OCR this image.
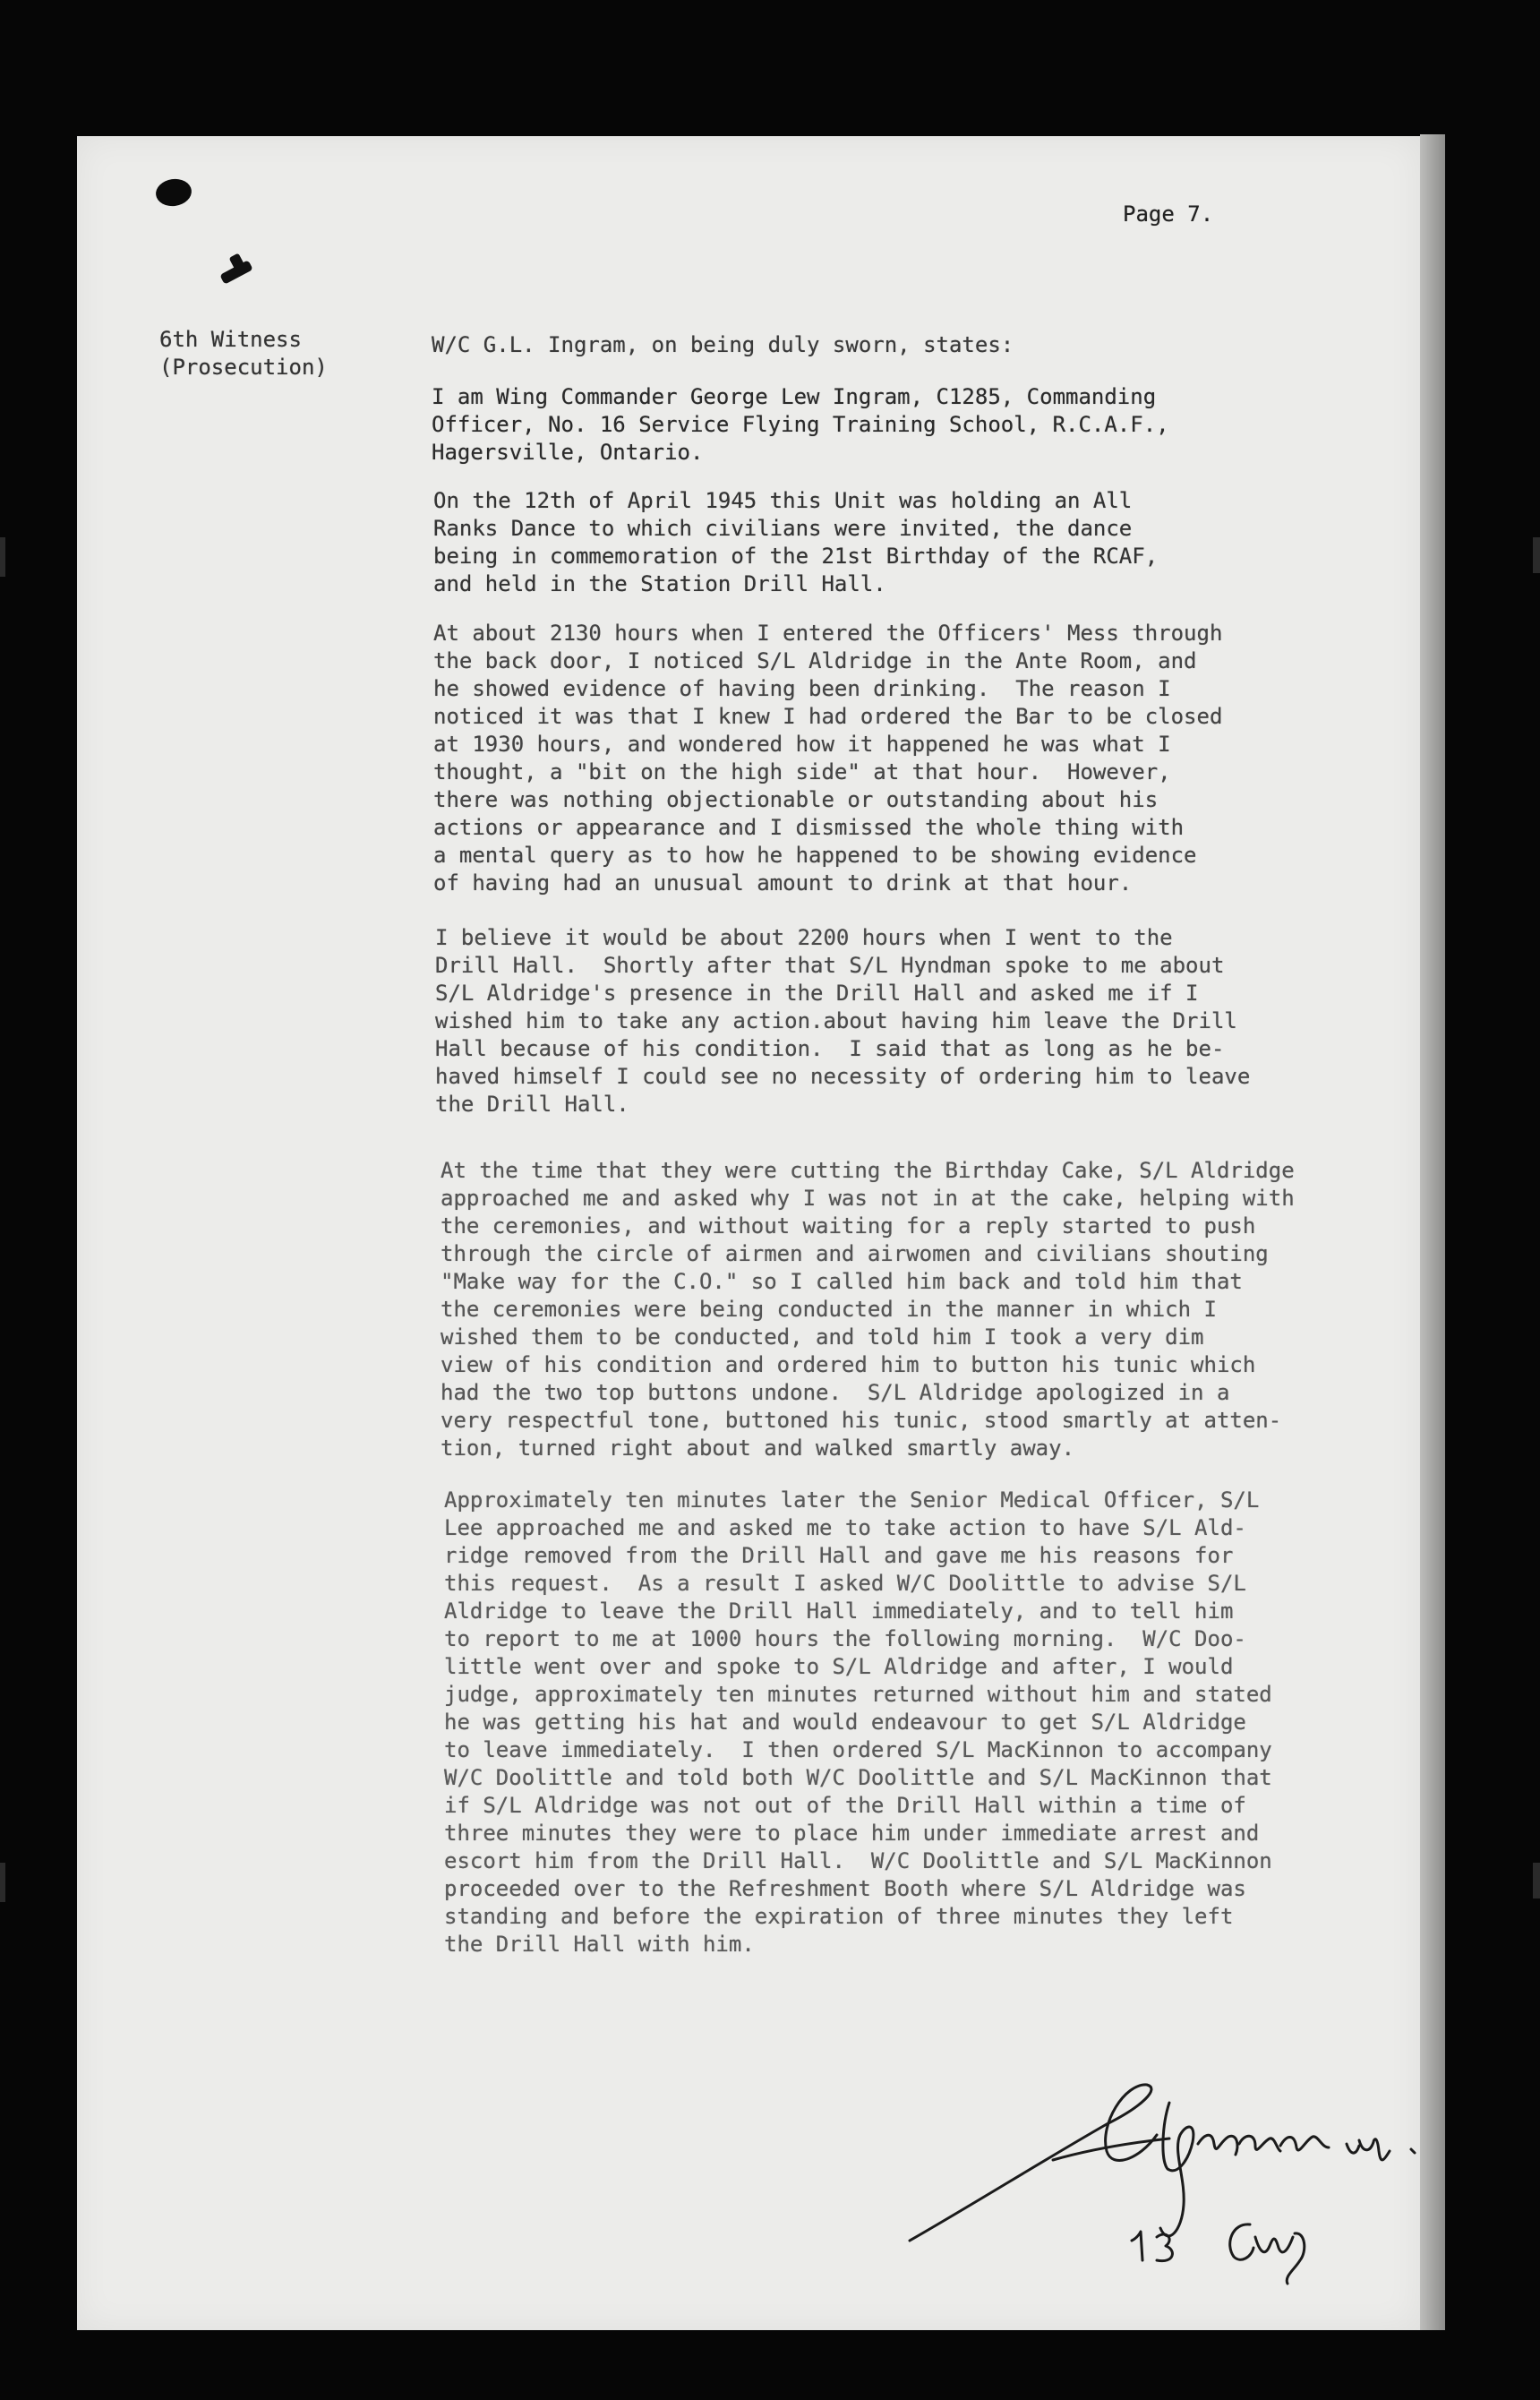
Page 7.
6th Witness
(Prosecution)
W/C G.L. Ingram, on being duly sworn, states:
I am Wing Commander George Lew Ingram, C1285, Commanding
Officer, No. 16 Service Flying Training School, R.C.A.F.,
Hagersville, Ontario.
On the 12th of April 1945 this Unit was holding an All
Ranks Dance to which civilians were invited, the dance
being in commemoration of the 21st Birthday of the RCAF,
and held in the Station Drill Hall.
At about 2130 hours when I entered the Officers' Mess through
the back door, I noticed S/L Aldridge in the Ante Room, and
he showed evidence of having been drinking.  The reason I
noticed it was that I knew I had ordered the Bar to be closed
at 1930 hours, and wondered how it happened he was what I
thought, a "bit on the high side" at that hour.  However,
there was nothing objectionable or outstanding about his
actions or appearance and I dismissed the whole thing with
a mental query as to how he happened to be showing evidence
of having had an unusual amount to drink at that hour.
I believe it would be about 2200 hours when I went to the
Drill Hall.  Shortly after that S/L Hyndman spoke to me about
S/L Aldridge's presence in the Drill Hall and asked me if I
wished him to take any action.about having him leave the Drill
Hall because of his condition.  I said that as long as he be-
haved himself I could see no necessity of ordering him to leave
the Drill Hall.
At the time that they were cutting the Birthday Cake, S/L Aldridge
approached me and asked why I was not in at the cake, helping with
the ceremonies, and without waiting for a reply started to push
through the circle of airmen and airwomen and civilians shouting
"Make way for the C.O." so I called him back and told him that
the ceremonies were being conducted in the manner in which I
wished them to be conducted, and told him I took a very dim
view of his condition and ordered him to button his tunic which
had the two top buttons undone.  S/L Aldridge apologized in a
very respectful tone, buttoned his tunic, stood smartly at atten-
tion, turned right about and walked smartly away.
Approximately ten minutes later the Senior Medical Officer, S/L
Lee approached me and asked me to take action to have S/L Ald-
ridge removed from the Drill Hall and gave me his reasons for
this request.  As a result I asked W/C Doolittle to advise S/L
Aldridge to leave the Drill Hall immediately, and to tell him
to report to me at 1000 hours the following morning.  W/C Doo-
little went over and spoke to S/L Aldridge and after, I would
judge, approximately ten minutes returned without him and stated
he was getting his hat and would endeavour to get S/L Aldridge
to leave immediately.  I then ordered S/L MacKinnon to accompany
W/C Doolittle and told both W/C Doolittle and S/L MacKinnon that
if S/L Aldridge was not out of the Drill Hall within a time of
three minutes they were to place him under immediate arrest and
escort him from the Drill Hall.  W/C Doolittle and S/L MacKinnon
proceeded over to the Refreshment Booth where S/L Aldridge was
standing and before the expiration of three minutes they left
the Drill Hall with him.
G.L.Ingram
